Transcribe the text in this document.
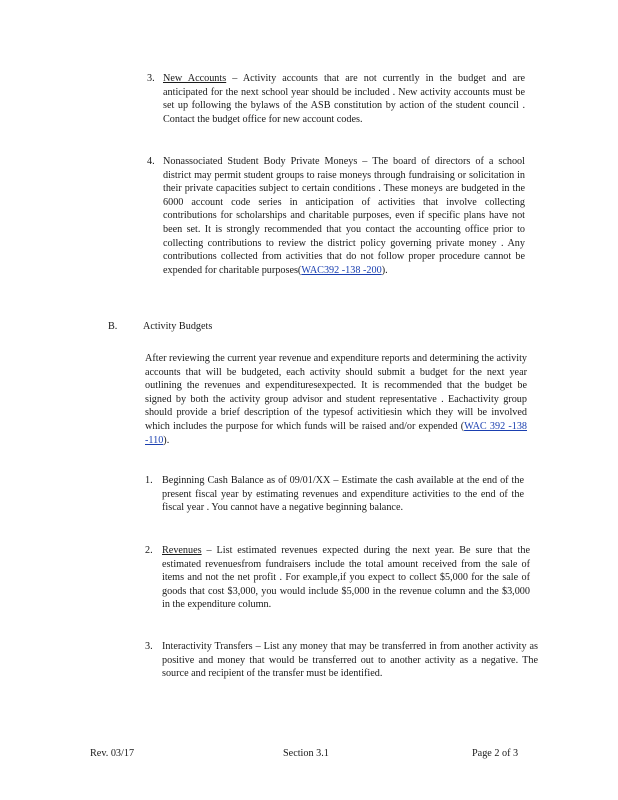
3. New Accounts – Activity accounts that are not currently in the budget and are anticipated for the next school year should be included . New activity accounts must be set up following the bylaws of the ASB constitution by action of the student council . Contact the budget office for new account codes.
4. Nonassociated Student Body Private Moneys – The board of directors of a school district may permit student groups to raise moneys through fundraising or solicitation in their private capacities subject to certain conditions . These moneys are budgeted in the 6000 account code series in anticipation of activities that involve collecting contributions for scholarships and charitable purposes, even if specific plans have not been set. It is strongly recommended that you contact the accounting office prior to collecting contributions to review the district policy governing private money . Any contributions collected from activities that do not follow proper procedure cannot be expended for charitable purposes(WAC392 -138 -200).
B.	Activity Budgets
After reviewing the current year revenue and expenditure reports and determining the activity accounts that will be budgeted, each activity should submit a budget for the next year outlining the revenues and expendituresexpected. It is recommended that the budget be signed by both the activity group advisor and student representative . Eachactivity group should provide a brief description of the typesof activitiesin which they will be involved which includes the purpose for which funds will be raised and/or expended (WAC 392 -138 -110).
1. Beginning Cash Balance as of 09/01/XX – Estimate the cash available at the end of the present fiscal year by estimating revenues and expenditure activities to the end of the fiscal year . You cannot have a negative beginning balance.
2. Revenues – List estimated revenues expected during the next year. Be sure that the estimated revenuesfrom fundraisers include the total amount received from the sale of items and not the net profit . For example,if you expect to collect $5,000 for the sale of goods that cost $3,000, you would include $5,000 in the revenue column and the $3,000 in the expenditure column.
3. Interactivity Transfers – List any money that may be transferred in from another activity as positive and money that would be transferred out to another activity as a negative. The source and recipient of the transfer must be identified.
Rev. 03/17	Section 3.1	Page 2 of 3
